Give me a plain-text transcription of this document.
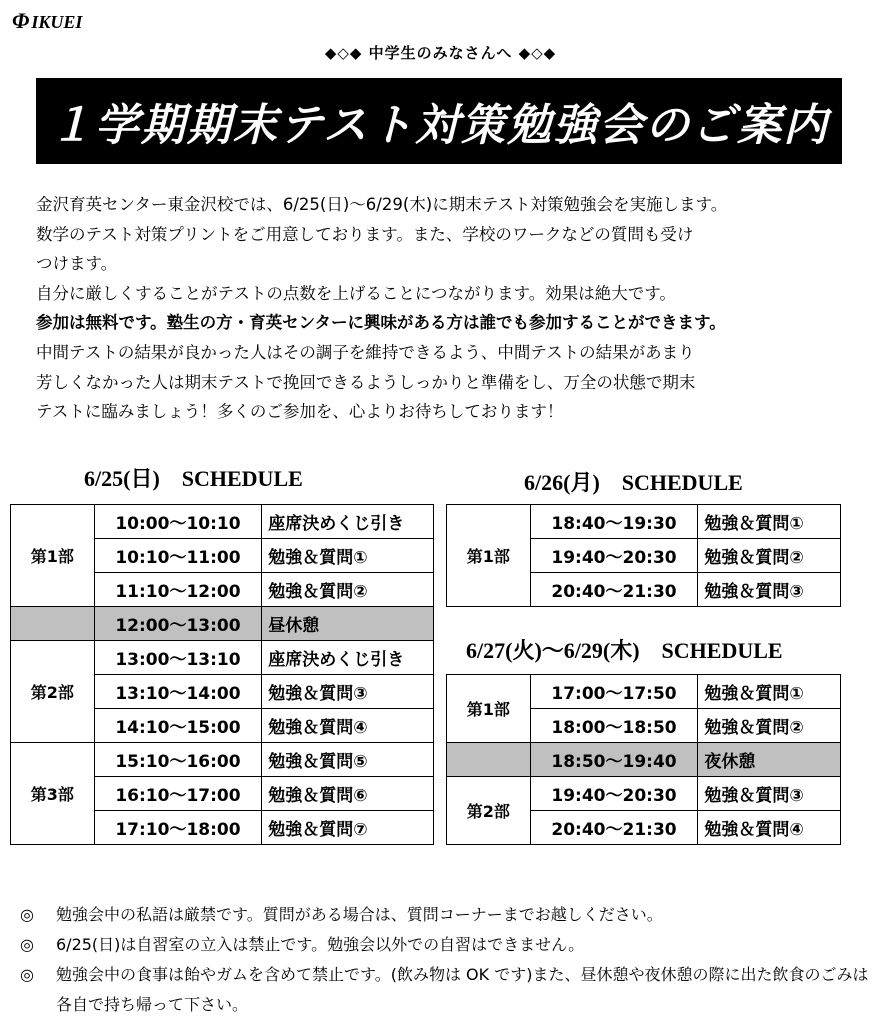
Φ IKUEI
◆◇◆ 中学生のみなさんへ ◆◇◆
１学期期末テスト対策勉強会のご案内

金沢育英センター東金沢校では、6/25(日)～6/29(木)に期末テスト対策勉強会を実施します。

数学のテスト対策プリントをご用意しております。また、学校のワークなどの質問も受け

つけます。

自分に厳しくすることがテストの点数を上げることにつながります。効果は絶大です。

参加は無料です。塾生の方・育英センターに興味がある方は誰でも参加することができます。

中間テストの結果が良かった人はその調子を維持できるよう、中間テストの結果があまり

芳しくなかった人は期末テストで挽回できるようしっかりと準備をし、万全の状態で期末

テストに臨みましょう！多くのご参加を、心よりお待ちしております！

6/25(日)　SCHEDULE
第1部	10:00～10:10	座席決めくじ引き
	10:10～11:00	勉強＆質問①
	11:10～12:00	勉強＆質問②
	12:00～13:00	昼休憩
第2部	13:00～13:10	座席決めくじ引き
	13:10～14:00	勉強＆質問③
	14:10～15:00	勉強＆質問④
第3部	15:10～16:00	勉強＆質問⑤
	16:10～17:00	勉強＆質問⑥
	17:10～18:00	勉強＆質問⑦
6/26(月)　SCHEDULE
第1部	18:40～19:30	勉強＆質問①
	19:40～20:30	勉強＆質問②
	20:40～21:30	勉強＆質問③
6/27(火)～6/29(木)　SCHEDULE
第1部	17:00～17:50	勉強＆質問①
	18:00～18:50	勉強＆質問②
	18:50～19:40	夜休憩
第2部	19:40～20:30	勉強＆質問③
	20:40～21:30	勉強＆質問④
◎	勉強会中の私語は厳禁です。質問がある場合は、質問コーナーまでお越しください。
◎	6/25(日)は自習室の立入は禁止です。勉強会以外での自習はできません。
◎	勉強会中の食事は飴やガムを含めて禁止です。(飲み物は OK です)また、昼休憩や夜休憩の際に出た飲食のごみは各自で持ち帰って下さい。
